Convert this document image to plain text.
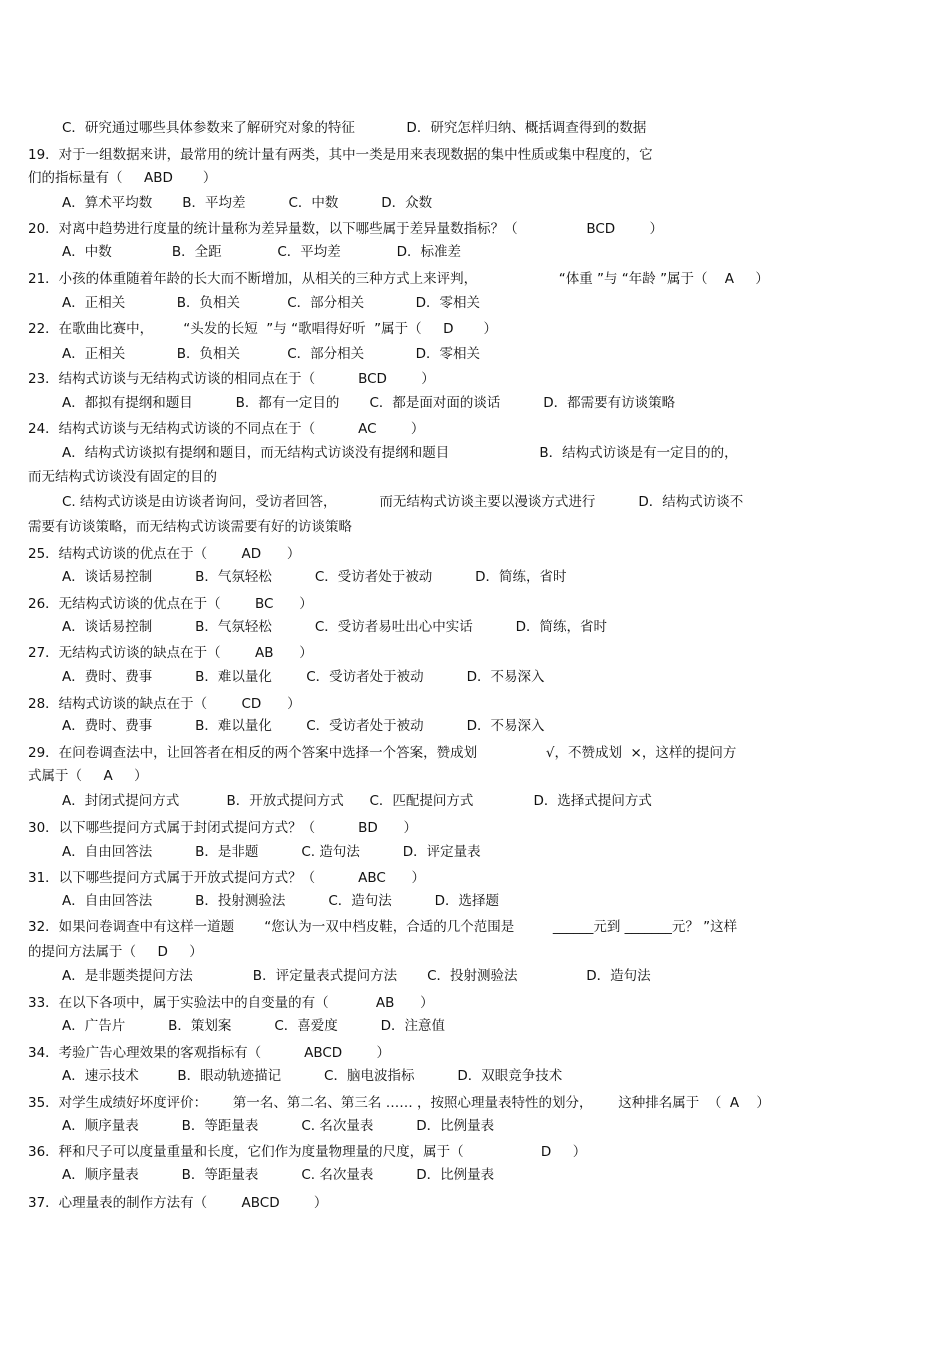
C．研究通过哪些具体参数来了解研究对象的特征            D．研究怎样归纳、概括调查得到的数据
19．对于一组数据来讲，最常用的统计量有两类，其中一类是用来表现数据的集中性质或集中程度的，它
们的指标量有（     ABD       ）
A．算术平均数       B．平均差          C．中数          D．众数
20．对离中趋势进行度量的统计量称为差异量数，以下哪些属于差异量数指标？（                BCD        ）
A．中数              B．全距             C．平均差             D．标准差
21．小孩的体重随着年龄的长大而不断增加，从相关的三种方式上来评判，                   “体重 ”与 “年龄 ”属于（    A     ）
A．正相关            B．负相关           C．部分相关            D．零相关
22．在歌曲比赛中，       “头发的长短  ”与 “歌唱得好听  ”属于（     D       ）
A．正相关            B．负相关           C．部分相关            D．零相关
23．结构式访谈与无结构式访谈的相同点在于（          BCD        ）
A．都拟有提纲和题目          B．都有一定目的       C．都是面对面的谈话          D．都需要有访谈策略
24．结构式访谈与无结构式访谈的不同点在于（          AC        ）
A．结构式访谈拟有提纲和题目，而无结构式访谈没有提纲和题目                     B．结构式访谈是有一定目的的，
而无结构式访谈没有固定的目的
C. 结构式访谈是由访谈者询问，受访者回答，          而无结构式访谈主要以漫谈方式进行          D．结构式访谈不
需要有访谈策略，而无结构式访谈需要有好的访谈策略
25．结构式访谈的优点在于（        AD      ）
A．谈话易控制          B．气氛轻松          C．受访者处于被动          D．简练，省时
26．无结构式访谈的优点在于（        BC      ）
A．谈话易控制          B．气氛轻松          C．受访者易吐出心中实话          D．简练，省时
27．无结构式访谈的缺点在于（        AB      ）
A．费时、费事          B．难以量化        C．受访者处于被动          D．不易深入
28．结构式访谈的缺点在于（        CD      ）
A．费时、费事          B．难以量化        C．受访者处于被动          D．不易深入
29．在问卷调查法中，让回答者在相反的两个答案中选择一个答案，赞成划                √，不赞成划  ×，这样的提问方
式属于（     A     ）
A．封闭式提问方式           B．开放式提问方式      C．匹配提问方式              D．选择式提问方式
30．以下哪些提问方式属于封闭式提问方式？（          BD      ）
A．自由回答法          B．是非题          C. 造句法          D．评定量表
31．以下哪些提问方式属于开放式提问方式？（          ABC      ）
A．自由回答法          B．投射测验法          C．造句法          D．选择题
32．如果问卷调查中有这样一道题       “您认为一双中档皮鞋，合适的几个范围是         ______元到 _______元？ ”这样
的提问方法属于（     D     ）
A．是非题类提问方法              B．评定量表式提问方法       C．投射测验法                D．造句法
33．在以下各项中，属于实验法中的自变量的有（           AB      ）
A．广告片          B．策划案          C．喜爱度          D．注意值
34．考验广告心理效果的客观指标有（          ABCD        ）
A．速示技术         B．眼动轨迹描记          C．脑电波指标          D．双眼竞争技术
35．对学生成绩好坏度评价：      第一名、第二名、第三名 …… ，按照心理量表特性的划分，      这种排名属于  （  A    ）
A．顺序量表          B．等距量表          C. 名次量表          D．比例量表
36．秤和尺子可以度量重量和长度，它们作为度量物理量的尺度，属于（                  D     ）
A．顺序量表          B．等距量表          C. 名次量表          D．比例量表
37．心理量表的制作方法有（        ABCD        ）
